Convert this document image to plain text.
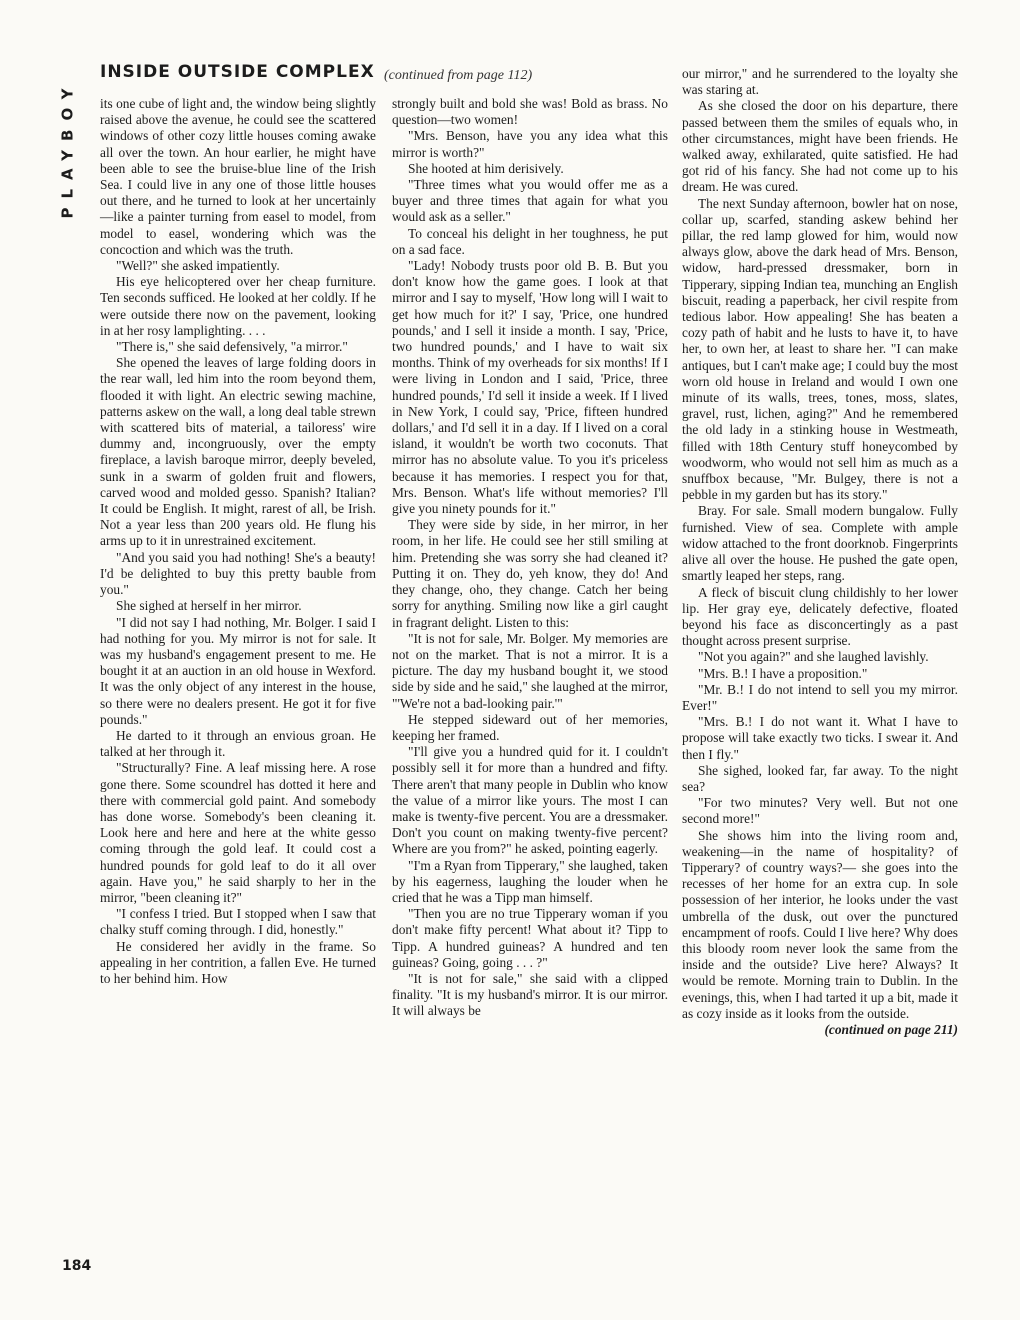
PLAYBOY
INSIDE OUTSIDE COMPLEX (continued from page 112)

its one cube of light and, the window being slightly raised above the avenue, he could see the scattered windows of other cozy little houses coming awake all over the town. An hour earlier, he might have been able to see the bruise-blue line of the Irish Sea. I could live in any one of those little houses out there, and he turned to look at her uncertainly —like a painter turning from easel to model, from model to easel, wondering which was the concoction and which was the truth.

"Well?" she asked impatiently.

His eye helicoptered over her cheap furniture. Ten seconds sufficed. He looked at her coldly. If he were outside there now on the pavement, looking in at her rosy lamplighting. . . .

"There is," she said defensively, "a mirror."

She opened the leaves of large folding doors in the rear wall, led him into the room beyond them, flooded it with light. An electric sewing machine, patterns askew on the wall, a long deal table strewn with scattered bits of material, a tailoress' wire dummy and, incongruously, over the empty fireplace, a lavish baroque mirror, deeply beveled, sunk in a swarm of golden fruit and flowers, carved wood and molded gesso. Spanish? Italian? It could be English. It might, rarest of all, be Irish. Not a year less than 200 years old. He flung his arms up to it in unrestrained excitement.

"And you said you had nothing! She's a beauty! I'd be delighted to buy this pretty bauble from you."

She sighed at herself in her mirror.

"I did not say I had nothing, Mr. Bolger. I said I had nothing for you. My mirror is not for sale. It was my husband's engagement present to me. He bought it at an auction in an old house in Wexford. It was the only object of any interest in the house, so there were no dealers present. He got it for five pounds."

He darted to it through an envious groan. He talked at her through it.

"Structurally? Fine. A leaf missing here. A rose gone there. Some scoundrel has dotted it here and there with commercial gold paint. And somebody has done worse. Somebody's been cleaning it. Look here and here and here at the white gesso coming through the gold leaf. It could cost a hundred pounds for gold leaf to do it all over again. Have you," he said sharply to her in the mirror, "been cleaning it?"

"I confess I tried. But I stopped when I saw that chalky stuff coming through. I did, honestly."

He considered her avidly in the frame. So appealing in her contrition, a fallen Eve. He turned to her behind him. How

strongly built and bold she was! Bold as brass. No question—two women!

"Mrs. Benson, have you any idea what this mirror is worth?"

She hooted at him derisively.

"Three times what you would offer me as a buyer and three times that again for what you would ask as a seller."

To conceal his delight in her toughness, he put on a sad face.

"Lady! Nobody trusts poor old B. B. But you don't know how the game goes. I look at that mirror and I say to myself, 'How long will I wait to get how much for it?' I say, 'Price, one hundred pounds,' and I sell it inside a month. I say, 'Price, two hundred pounds,' and I have to wait six months. Think of my overheads for six months! If I were living in London and I said, 'Price, three hundred pounds,' I'd sell it inside a week. If I lived in New York, I could say, 'Price, fifteen hundred dollars,' and I'd sell it in a day. If I lived on a coral island, it wouldn't be worth two coconuts. That mirror has no absolute value. To you it's priceless because it has memories. I respect you for that, Mrs. Benson. What's life without memories? I'll give you ninety pounds for it."

They were side by side, in her mirror, in her room, in her life. He could see her still smiling at him. Pretending she was sorry she had cleaned it? Putting it on. They do, yeh know, they do! And they change, oho, they change. Catch her being sorry for anything. Smiling now like a girl caught in fragrant delight. Listen to this:

"It is not for sale, Mr. Bolger. My memories are not on the market. That is not a mirror. It is a picture. The day my husband bought it, we stood side by side and he said," she laughed at the mirror, "'We're not a bad-looking pair.'"

He stepped sideward out of her memories, keeping her framed.

"I'll give you a hundred quid for it. I couldn't possibly sell it for more than a hundred and fifty. There aren't that many people in Dublin who know the value of a mirror like yours. The most I can make is twenty-five percent. You are a dressmaker. Don't you count on making twenty-five percent? Where are you from?" he asked, pointing eagerly.

"I'm a Ryan from Tipperary," she laughed, taken by his eagerness, laughing the louder when he cried that he was a Tipp man himself.

"Then you are no true Tipperary woman if you don't make fifty percent! What about it? Tipp to Tipp. A hundred guineas? A hundred and ten guineas? Going, going . . . ?"

"It is not for sale," she said with a clipped finality. "It is my husband's mirror. It is our mirror. It will always be

our mirror," and he surrendered to the loyalty she was staring at.

As she closed the door on his departure, there passed between them the smiles of equals who, in other circumstances, might have been friends. He walked away, exhilarated, quite satisfied. He had got rid of his fancy. She had not come up to his dream. He was cured.

The next Sunday afternoon, bowler hat on nose, collar up, scarfed, standing askew behind her pillar, the red lamp glowed for him, would now always glow, above the dark head of Mrs. Benson, widow, hard-pressed dressmaker, born in Tipperary, sipping Indian tea, munching an English biscuit, reading a paperback, her civil respite from tedious labor. How appealing! She has beaten a cozy path of habit and he lusts to have it, to have her, to own her, at least to share her. "I can make antiques, but I can't make age; I could buy the most worn old house in Ireland and would I own one minute of its walls, trees, tones, moss, slates, gravel, rust, lichen, aging?" And he remembered the old lady in a stinking house in Westmeath, filled with 18th Century stuff honeycombed by woodworm, who would not sell him as much as a snuffbox because, "Mr. Bulgey, there is not a pebble in my garden but has its story."

Bray. For sale. Small modern bungalow. Fully furnished. View of sea. Complete with ample widow attached to the front doorknob. Fingerprints alive all over the house. He pushed the gate open, smartly leaped her steps, rang.

A fleck of biscuit clung childishly to her lower lip. Her gray eye, delicately defective, floated beyond his face as disconcertingly as a past thought across present surprise.

"Not you again?" and she laughed lavishly.

"Mrs. B.! I have a proposition."

"Mr. B.! I do not intend to sell you my mirror. Ever!"

"Mrs. B.! I do not want it. What I have to propose will take exactly two ticks. I swear it. And then I fly."

She sighed, looked far, far away. To the night sea?

"For two minutes? Very well. But not one second more!"

She shows him into the living room and, weakening—in the name of hospitality? of Tipperary? of country ways?— she goes into the recesses of her home for an extra cup. In sole possession of her interior, he looks under the vast umbrella of the dusk, out over the punctured encampment of roofs. Could I live here? Why does this bloody room never look the same from the inside and the outside? Live here? Always? It would be remote. Morning train to Dublin. In the evenings, this, when I had tarted it up a bit, made it as cozy inside as it looks from the outside.

(continued on page 211)

184
